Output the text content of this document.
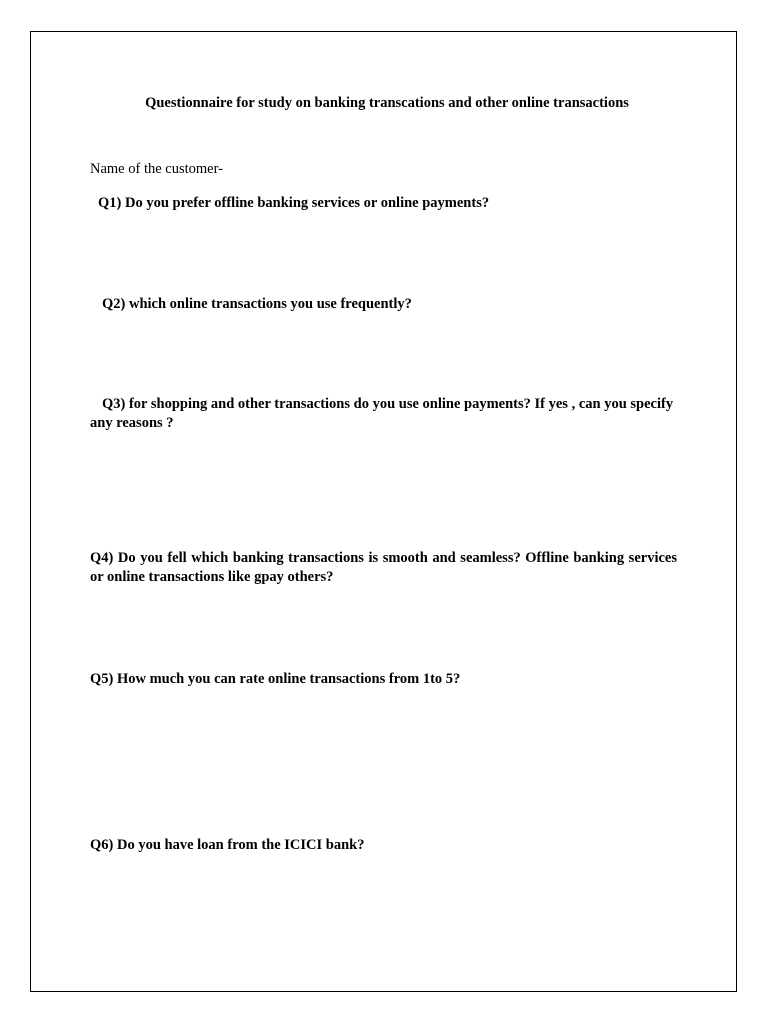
Questionnaire for study on banking transcations and other online transactions
Name of the customer-
Q1) Do you prefer offline banking services or online payments?
Q2) which online transactions you use frequently?
Q3) for shopping and other transactions do you use online payments? If yes , can you specify any reasons ?
Q4) Do you fell which banking transactions is smooth and seamless? Offline banking services or online transactions like gpay others?
Q5) How much you can rate online transactions from 1to 5?
Q6) Do you have loan from the ICICI bank?
